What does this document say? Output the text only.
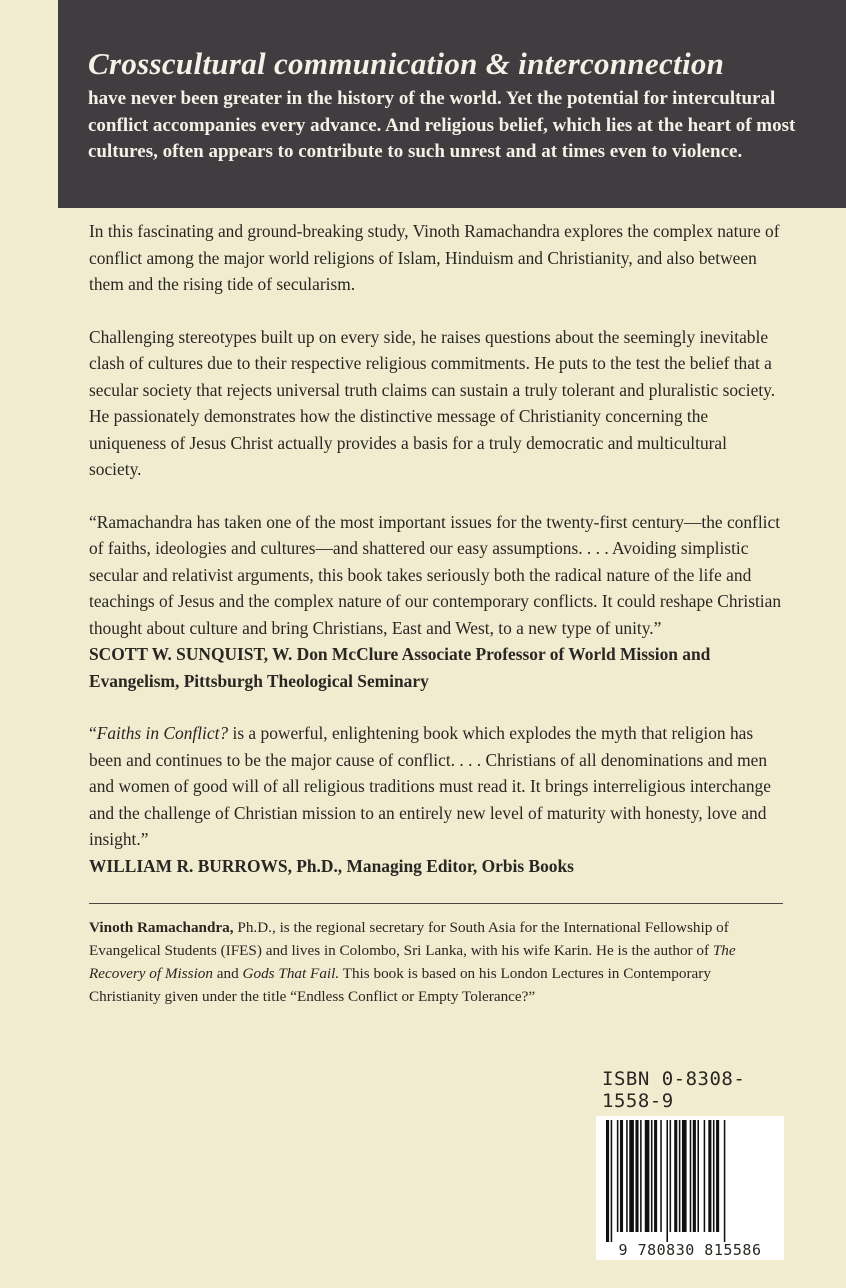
Crosscultural communication & interconnection

have never been greater in the history of the world. Yet the potential for intercultural conflict accompanies every advance. And religious belief, which lies at the heart of most cultures, often appears to contribute to such unrest and at times even to violence.

In this fascinating and ground-breaking study, Vinoth Ramachandra explores the complex nature of conflict among the major world religions of Islam, Hinduism and Christianity, and also between them and the rising tide of secularism.

Challenging stereotypes built up on every side, he raises questions about the seemingly inevitable clash of cultures due to their respective religious commitments. He puts to the test the belief that a secular society that rejects universal truth claims can sustain a truly tolerant and pluralistic society. He passionately demonstrates how the distinctive message of Christianity concerning the uniqueness of Jesus Christ actually provides a basis for a truly democratic and multicultural society.

“Ramachandra has taken one of the most important issues for the twenty-first century—the conflict of faiths, ideologies and cultures—and shattered our easy assumptions. . . . Avoiding simplistic secular and relativist arguments, this book takes seriously both the radical nature of the life and teachings of Jesus and the complex nature of our contemporary conflicts. It could reshape Christian thought about culture and bring Christians, East and West, to a new type of unity.”

SCOTT W. SUNQUIST, W. Don McClure Associate Professor of World Mission and Evangelism, Pittsburgh Theological Seminary

“Faiths in Conflict? is a powerful, enlightening book which explodes the myth that religion has been and continues to be the major cause of conflict. . . . Christians of all denominations and men and women of good will of all religious traditions must read it. It brings interreligious interchange and the challenge of Christian mission to an entirely new level of maturity with honesty, love and insight.”

WILLIAM R. BURROWS, Ph.D., Managing Editor, Orbis Books

Vinoth Ramachandra, Ph.D., is the regional secretary for South Asia for the International Fellowship of Evangelical Students (IFES) and lives in Colombo, Sri Lanka, with his wife Karin. He is the author of The Recovery of Mission and Gods That Fail. This book is based on his London Lectures in Contemporary Christianity given under the title “Endless Conflict or Empty Tolerance?”

ISBN 0-8308-1558-9

9 780830 815586
